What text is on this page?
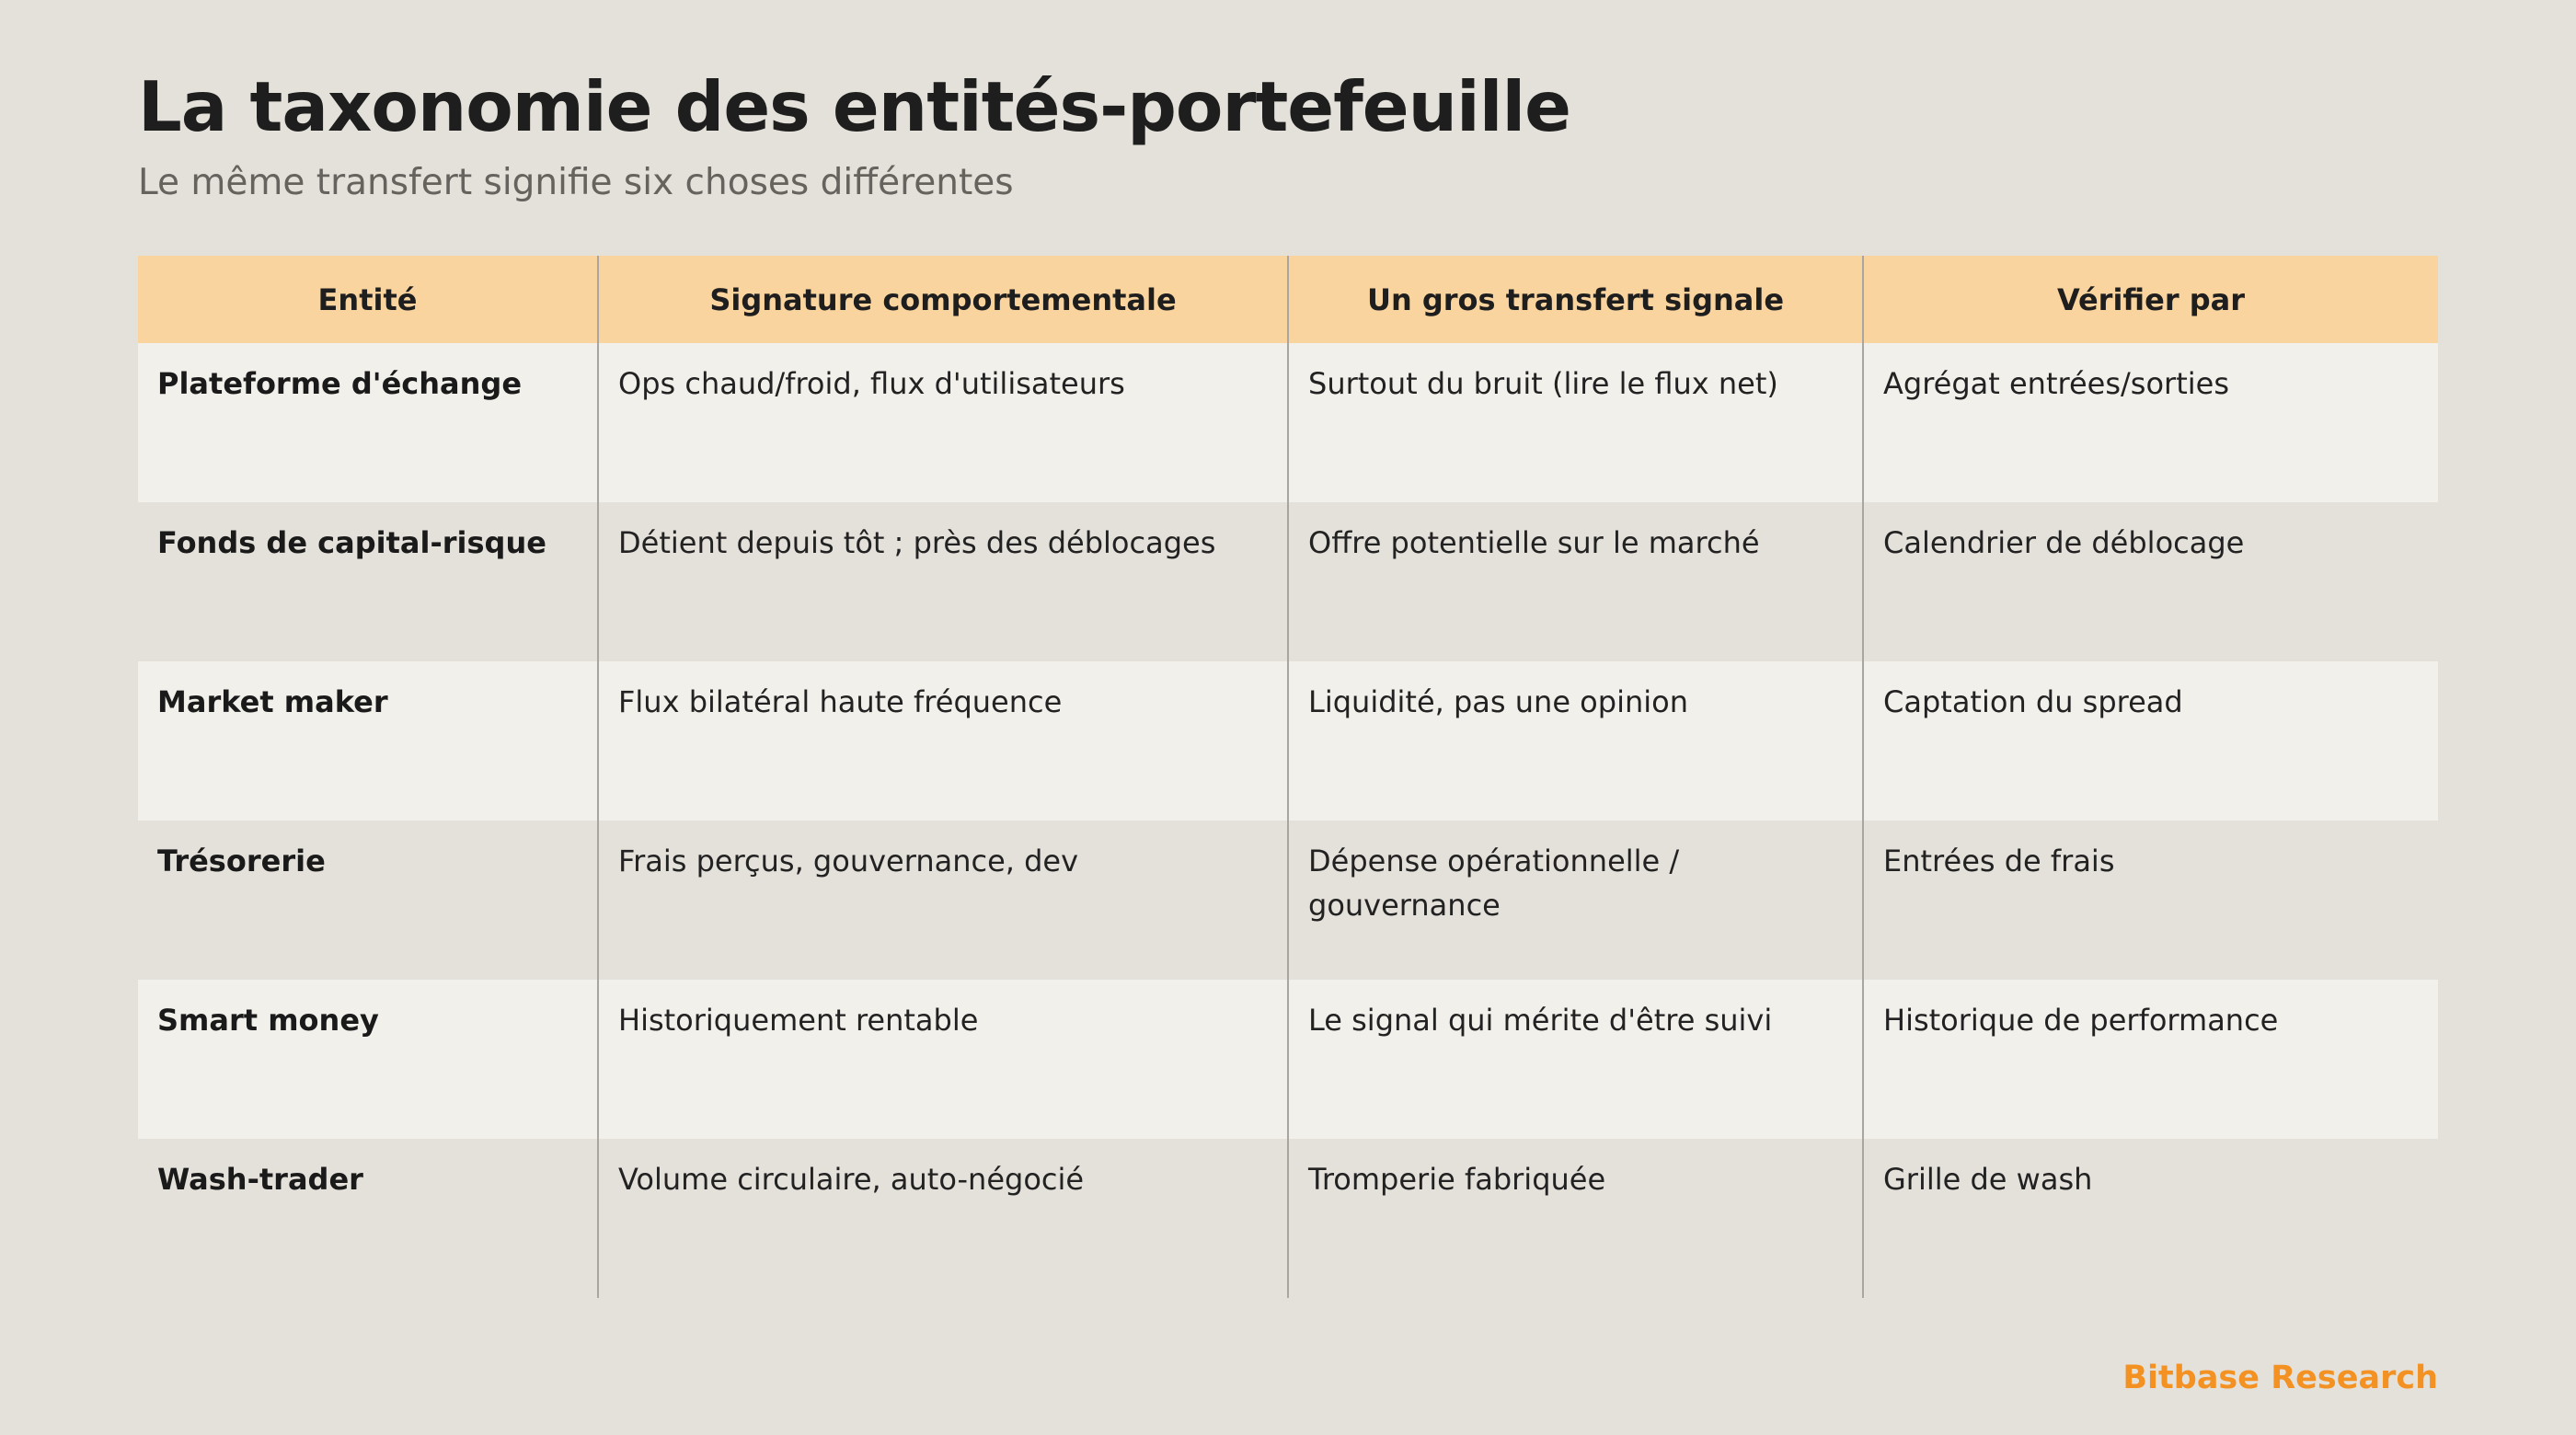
La taxonomie des entités-portefeuille
Le même transfert signifie six choses différentes
Entité	Signature comportementale	Un gros transfert signale	Vérifier par
Plateforme d'échange	Ops chaud/froid, flux d'utilisateurs	Surtout du bruit (lire le flux net)	Agrégat entrées/sorties
Fonds de capital-risque	Détient depuis tôt ; près des déblocages	Offre potentielle sur le marché	Calendrier de déblocage
Market maker	Flux bilatéral haute fréquence	Liquidité, pas une opinion	Captation du spread
Trésorerie	Frais perçus, gouvernance, dev	Dépense opérationnelle / gouvernance	Entrées de frais
Smart money	Historiquement rentable	Le signal qui mérite d'être suivi	Historique de performance
Wash-trader	Volume circulaire, auto-négocié	Tromperie fabriquée	Grille de wash
Bitbase Research
